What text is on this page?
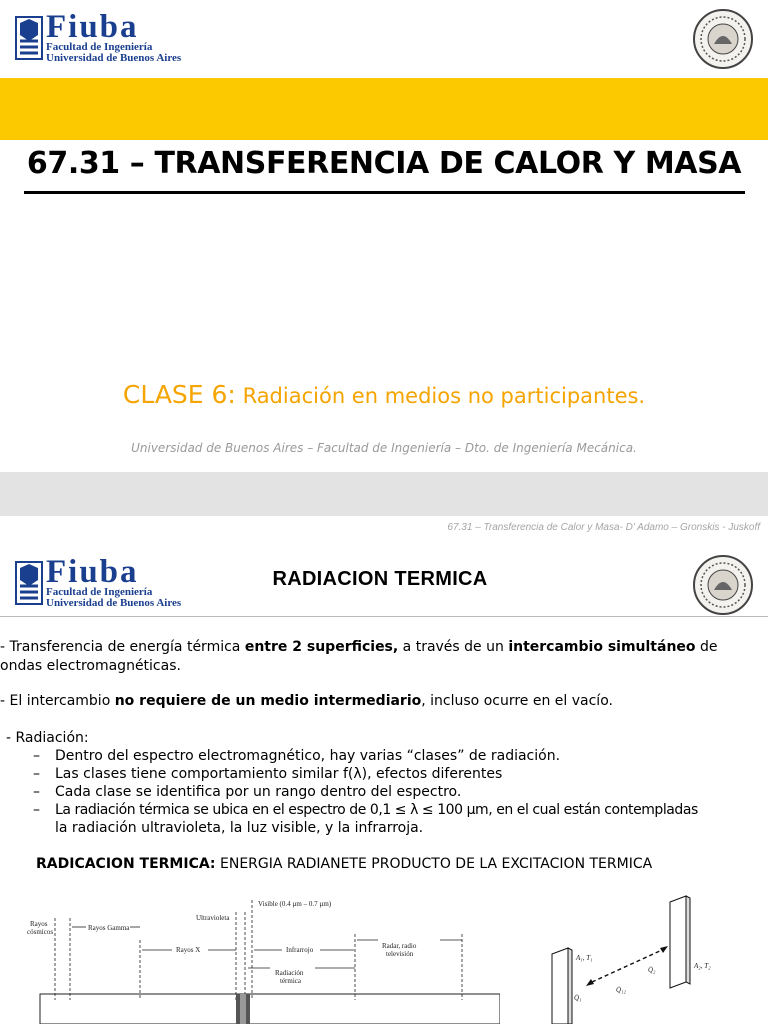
Fiuba
Facultad de Ingeniería
Universidad de Buenos Aires
67.31 – TRANSFERENCIA DE CALOR Y MASA
CLASE 6: Radiación en medios no participantes.
Universidad de Buenos Aires – Facultad de Ingeniería – Dto. de Ingeniería Mecánica.
67.31 – Transferencia de Calor y Masa- D' Adamo – Gronskis - Juskoff
Fiuba
Facultad de Ingeniería
Universidad de Buenos Aires
RADIACION TERMICA
- Transferencia de energía térmica entre 2 superficies, a través de un intercambio simultáneo de
ondas electromagnéticas.
- El intercambio no requiere de un medio intermediario, incluso ocurre en el vacío.
- Radiación:
– Dentro del espectro electromagnético, hay varias “clases” de radiación.
– Las clases tiene comportamiento similar f(λ), efectos diferentes
– Cada clase se identifica por un rango dentro del espectro.
– La radiación térmica se ubica en el espectro de 0,1 ≤ λ ≤ 100 µm, en el cual están contempladas
la radiación ultravioleta, la luz visible, y la infrarroja.
RADICACION TERMICA: ENERGIA RADIANETE PRODUCTO DE LA EXCITACION TERMICA
Visible (0.4 µm – 0.7 µm)
Rayos
cósmicos	Rayos Gamma
Ultravioleta
Rayos X	Infrarrojo	Radar, radio
televisión
Radiación
térmica
A₁, T₁
A₂, T₂
Q̇₁
Q̇₂
Q̇₁₂
